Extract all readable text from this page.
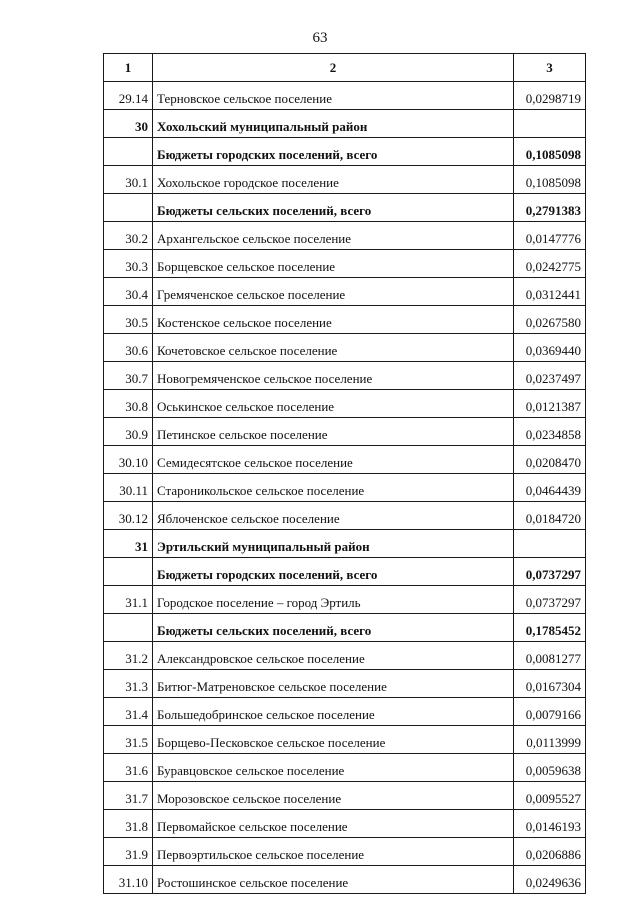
63
1	2	3
29.14	Терновское сельское поселение	0,0298719
30	Хохольский муниципальный район	
	Бюджеты городских поселений, всего	0,1085098
30.1	Хохольское городское поселение	0,1085098
	Бюджеты сельских поселений, всего	0,2791383
30.2	Архангельское сельское поселение	0,0147776
30.3	Борщевское сельское поселение	0,0242775
30.4	Гремяченское сельское поселение	0,0312441
30.5	Костенское сельское поселение	0,0267580
30.6	Кочетовское сельское поселение	0,0369440
30.7	Новогремяченское сельское поселение	0,0237497
30.8	Оськинское сельское поселение	0,0121387
30.9	Петинское сельское поселение	0,0234858
30.10	Семидесятское сельское поселение	0,0208470
30.11	Староникольское сельское поселение	0,0464439
30.12	Яблоченское сельское поселение	0,0184720
31	Эртильский муниципальный район	
	Бюджеты городских поселений, всего	0,0737297
31.1	Городское поселение – город Эртиль	0,0737297
	Бюджеты сельских поселений, всего	0,1785452
31.2	Александровское сельское поселение	0,0081277
31.3	Битюг-Матреновское сельское поселение	0,0167304
31.4	Большедобринское сельское поселение	0,0079166
31.5	Борщево-Песковское сельское поселение	0,0113999
31.6	Буравцовское сельское поселение	0,0059638
31.7	Морозовское сельское поселение	0,0095527
31.8	Первомайское сельское поселение	0,0146193
31.9	Первоэртильское сельское поселение	0,0206886
31.10	Ростошинское сельское поселение	0,0249636
